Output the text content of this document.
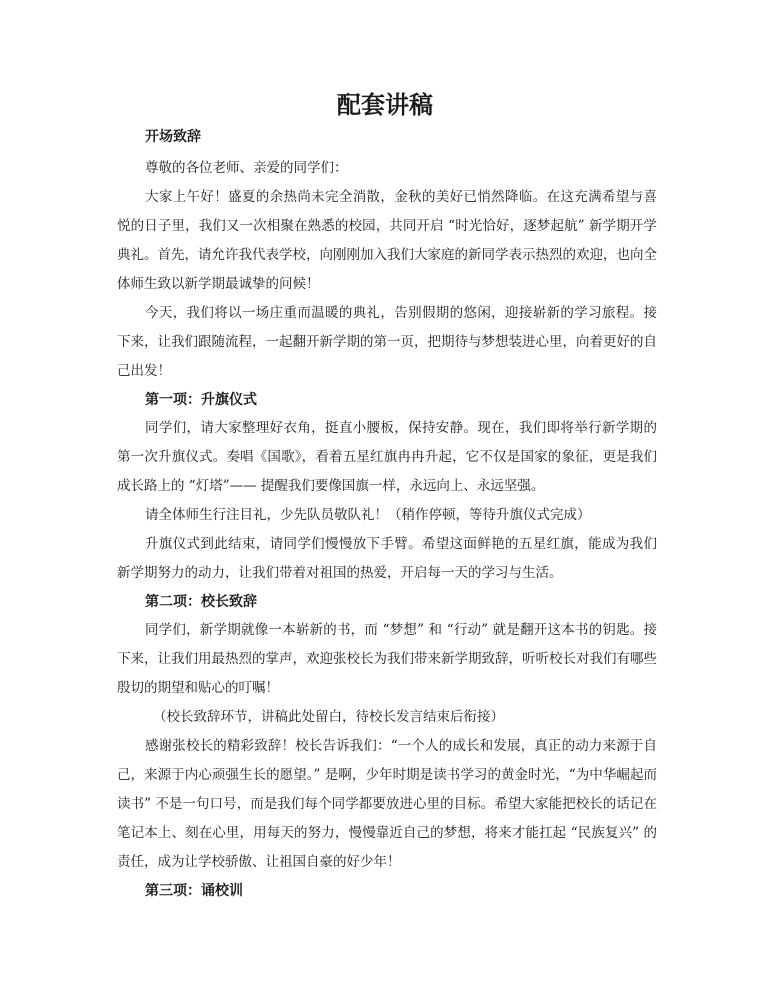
配套讲稿

开场致辞

尊敬的各位老师、亲爱的同学们：

大家上午好！盛夏的余热尚未完全消散，金秋的美好已悄然降临。在这充满希望与喜悦的日子里，我们又一次相聚在熟悉的校园，共同开启 “时光恰好，逐梦起航” 新学期开学典礼。首先，请允许我代表学校，向刚刚加入我们大家庭的新同学表示热烈的欢迎，也向全体师生致以新学期最诚挚的问候！

今天，我们将以一场庄重而温暖的典礼，告别假期的悠闲，迎接崭新的学习旅程。接下来，让我们跟随流程，一起翻开新学期的第一页，把期待与梦想装进心里，向着更好的自己出发！

第一项：升旗仪式

同学们，请大家整理好衣角，挺直小腰板，保持安静。现在，我们即将举行新学期的第一次升旗仪式。奏唱《国歌》，看着五星红旗冉冉升起，它不仅是国家的象征，更是我们成长路上的 “灯塔”—— 提醒我们要像国旗一样，永远向上、永远坚强。

请全体师生行注目礼，少先队员敬队礼！（稍作停顿，等待升旗仪式完成）

升旗仪式到此结束，请同学们慢慢放下手臂。希望这面鲜艳的五星红旗，能成为我们新学期努力的动力，让我们带着对祖国的热爱，开启每一天的学习与生活。

第二项：校长致辞

同学们，新学期就像一本崭新的书，而 “梦想” 和 “行动” 就是翻开这本书的钥匙。接下来，让我们用最热烈的掌声，欢迎张校长为我们带来新学期致辞，听听校长对我们有哪些殷切的期望和贴心的叮嘱！

（校长致辞环节，讲稿此处留白，待校长发言结束后衔接）

感谢张校长的精彩致辞！校长告诉我们：“一个人的成长和发展，真正的动力来源于自己，来源于内心顽强生长的愿望。” 是啊，少年时期是读书学习的黄金时光，“为中华崛起而读书” 不是一句口号，而是我们每个同学都要放进心里的目标。希望大家能把校长的话记在笔记本上、刻在心里，用每天的努力，慢慢靠近自己的梦想，将来才能扛起 “民族复兴” 的责任，成为让学校骄傲、让祖国自豪的好少年！

第三项：诵校训
